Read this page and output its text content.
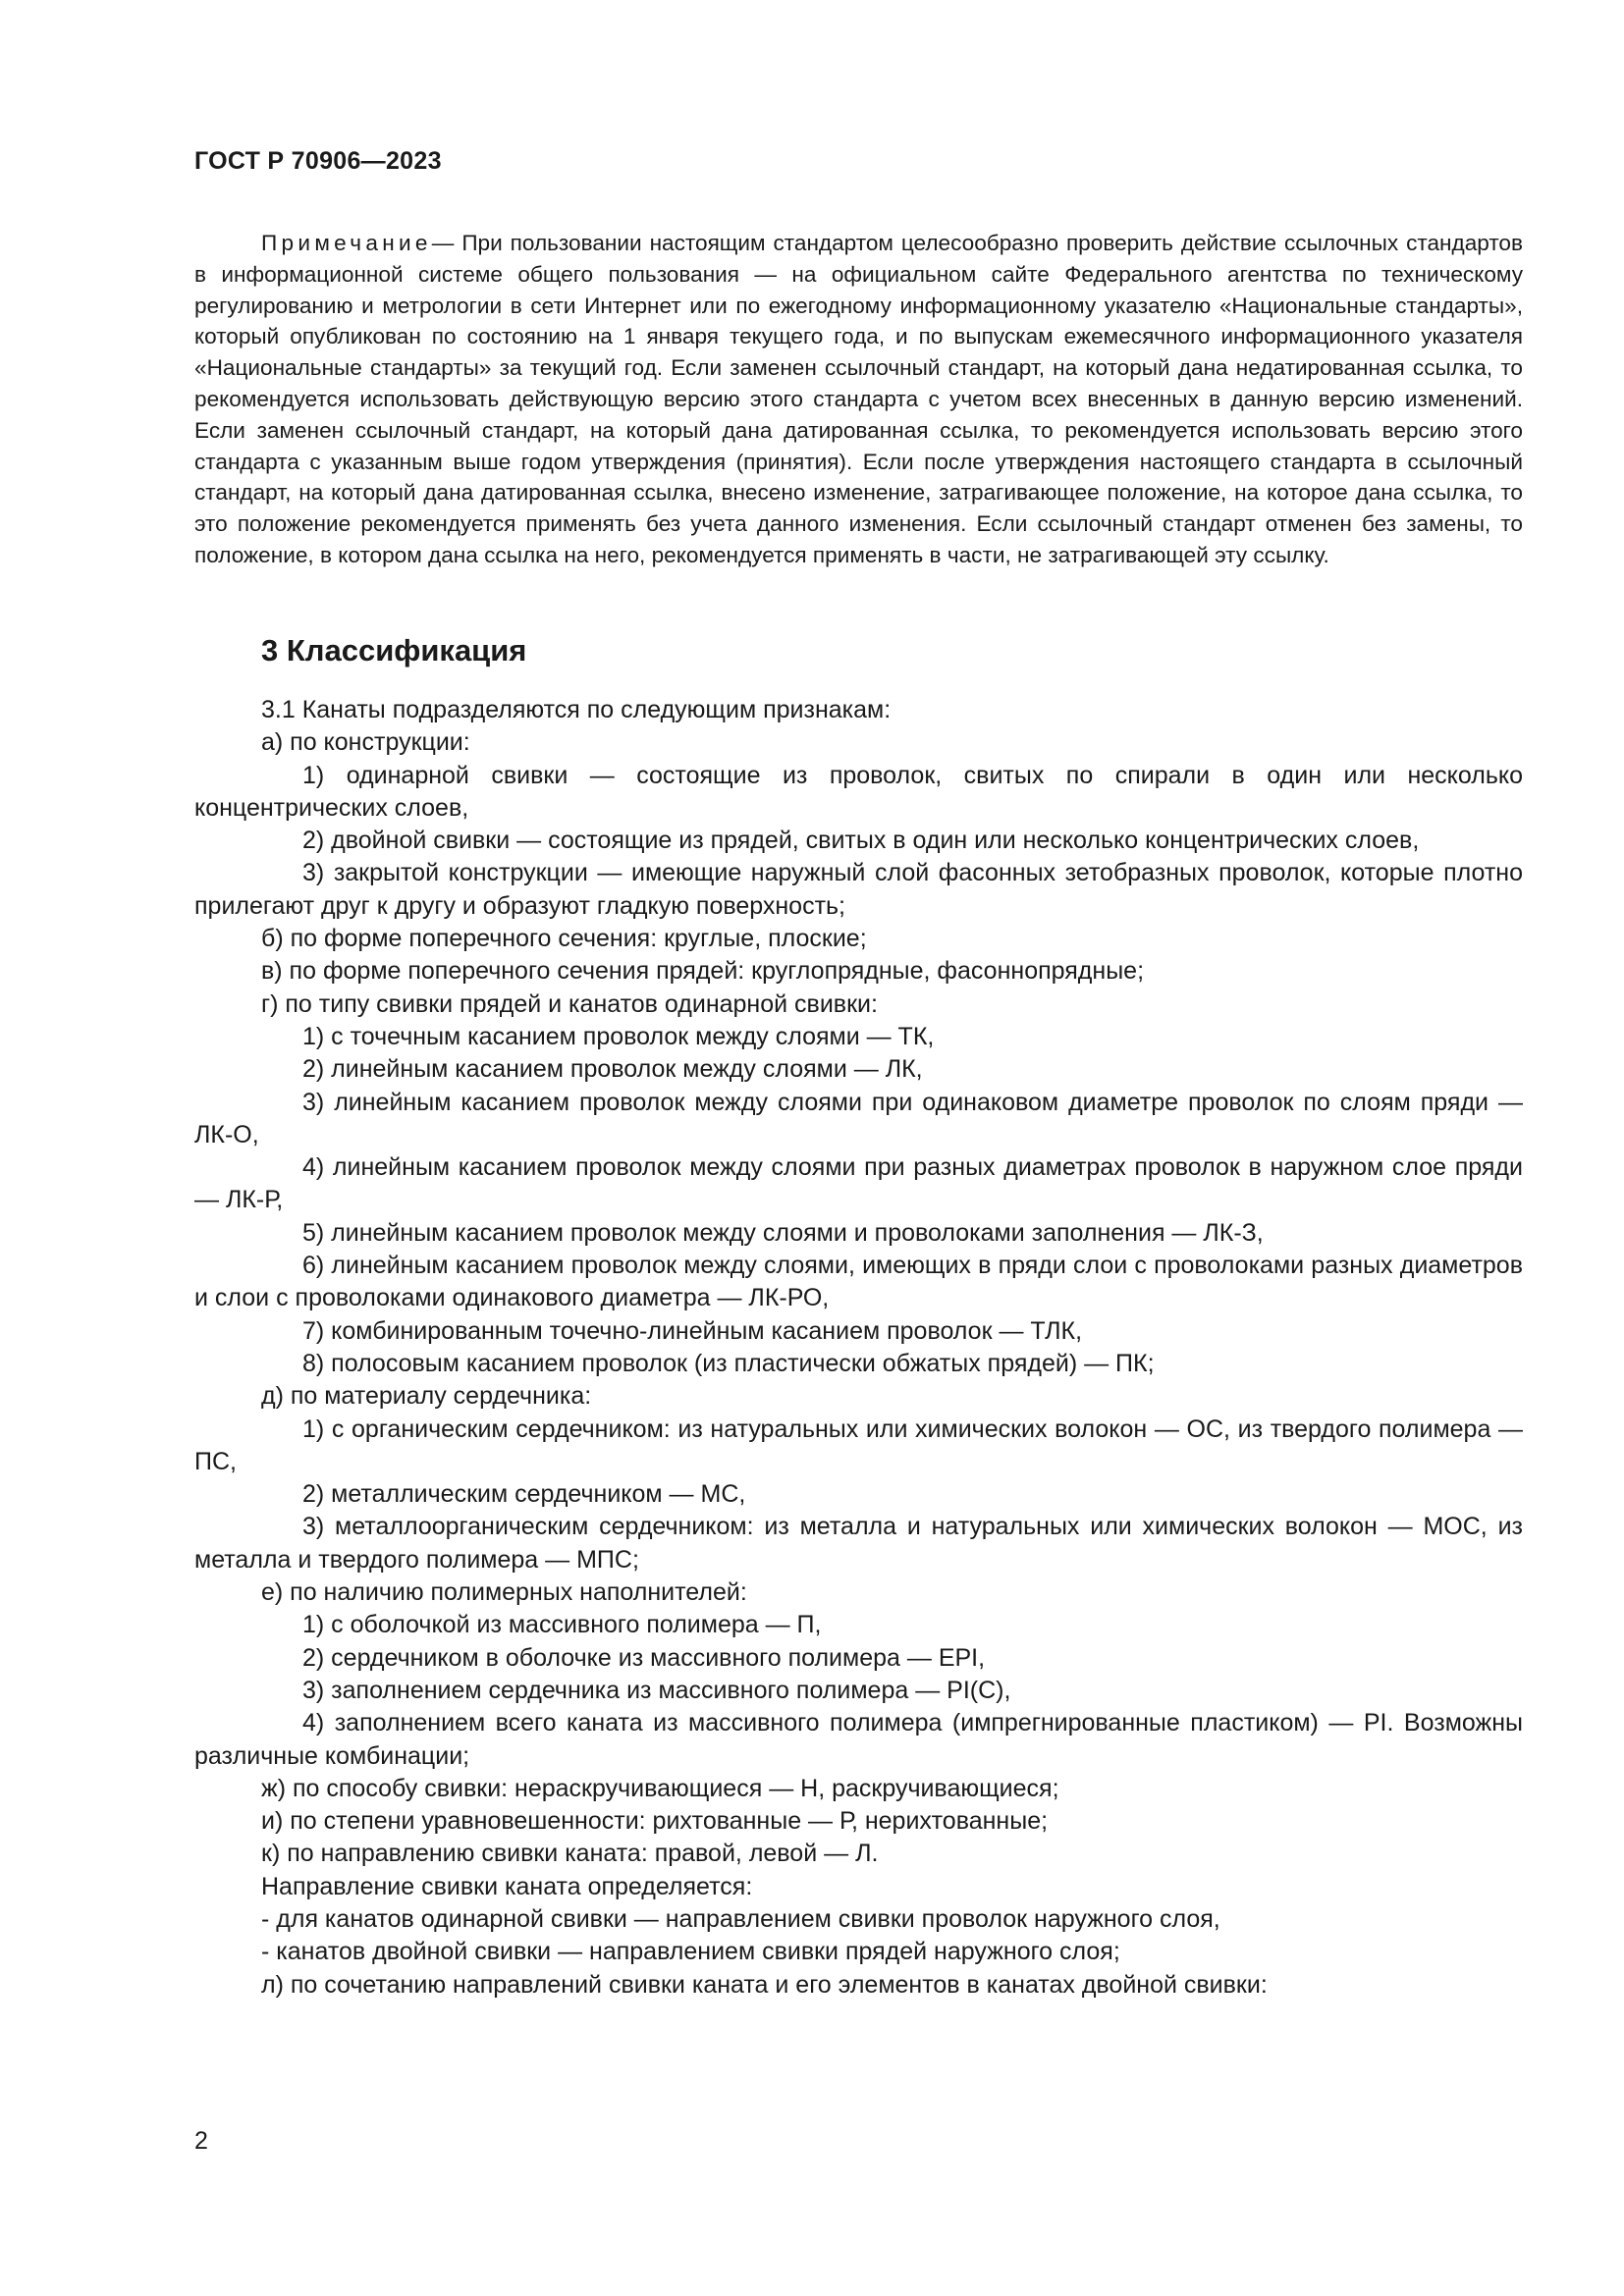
ГОСТ Р 70906—2023

Примечание— При пользовании настоящим стандартом целесообразно проверить действие ссылочных стандартов в информационной системе общего пользования — на официальном сайте Федерального агентства по техническому регулированию и метрологии в сети Интернет или по ежегодному информационному указателю «Национальные стандарты», который опубликован по состоянию на 1 января текущего года, и по выпускам ежемесячного информационного указателя «Национальные стандарты» за текущий год. Если заменен ссылочный стандарт, на который дана недатированная ссылка, то рекомендуется использовать действующую версию этого стандарта с учетом всех внесенных в данную версию изменений. Если заменен ссылочный стандарт, на который дана датированная ссылка, то рекомендуется использовать версию этого стандарта с указанным выше годом утверждения (принятия). Если после утверждения настоящего стандарта в ссылочный стандарт, на который дана датированная ссылка, внесено изменение, затрагивающее положение, на которое дана ссылка, то это положение рекомендуется применять без учета данного изменения. Если ссылочный стандарт отменен без замены, то положение, в котором дана ссылка на него, рекомендуется применять в части, не затрагивающей эту ссылку.

3 Классификация

3.1 Канаты подразделяются по следующим признакам:

а) по конструкции:

1) одинарной свивки — состоящие из проволок, свитых по спирали в один или несколько концентрических слоев,

2) двойной свивки — состоящие из прядей, свитых в один или несколько концентрических слоев,

3) закрытой конструкции — имеющие наружный слой фасонных зетобразных проволок, которые плотно прилегают друг к другу и образуют гладкую поверхность;

б) по форме поперечного сечения: круглые, плоские;

в) по форме поперечного сечения прядей: круглопрядные, фасоннопрядные;

г) по типу свивки прядей и канатов одинарной свивки:

1) с точечным касанием проволок между слоями — ТК,

2) линейным касанием проволок между слоями — ЛК,

3) линейным касанием проволок между слоями при одинаковом диаметре проволок по слоям пряди — ЛК-О,

4) линейным касанием проволок между слоями при разных диаметрах проволок в наружном слое пряди — ЛК-Р,

5) линейным касанием проволок между слоями и проволоками заполнения — ЛК-З,

6) линейным касанием проволок между слоями, имеющих в пряди слои с проволоками разных диаметров и слои с проволоками одинакового диаметра — ЛК-РО,

7) комбинированным точечно-линейным касанием проволок — ТЛК,

8) полосовым касанием проволок (из пластически обжатых прядей) — ПК;

д) по материалу сердечника:

1) с органическим сердечником: из натуральных или химических волокон — ОС, из твердого полимера — ПС,

2) металлическим сердечником — МС,

3) металлоорганическим сердечником: из металла и натуральных или химических волокон — МОС, из металла и твердого полимера — МПС;

е) по наличию полимерных наполнителей:

1) с оболочкой из массивного полимера — П,

2) сердечником в оболочке из массивного полимера — EPI,

3) заполнением сердечника из массивного полимера — PI(C),

4) заполнением всего каната из массивного полимера (импрегнированные пластиком) — PI. Возможны различные комбинации;

ж) по способу свивки: нераскручивающиеся — Н, раскручивающиеся;

и) по степени уравновешенности: рихтованные — Р, нерихтованные;

к) по направлению свивки каната: правой, левой — Л.

Направление свивки каната определяется:

- для канатов одинарной свивки — направлением свивки проволок наружного слоя,

- канатов двойной свивки — направлением свивки прядей наружного слоя;

л) по сочетанию направлений свивки каната и его элементов в канатах двойной свивки:

2
